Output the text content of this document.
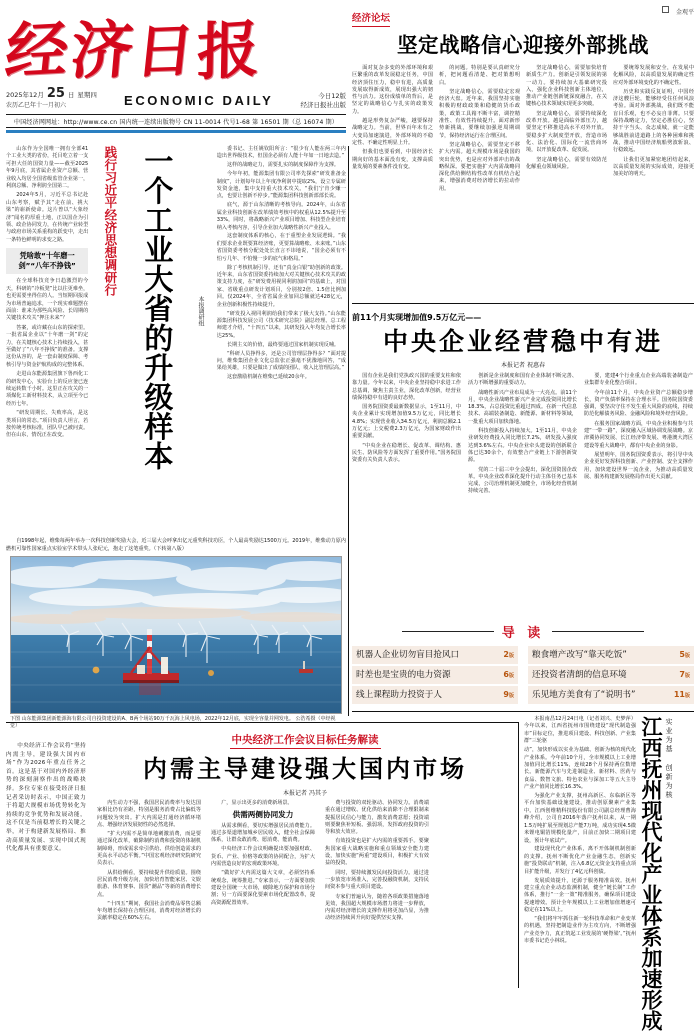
经
济
日
报
2025年12月 25 日 星期四
农历乙巳年十一月初六	ECONOMIC DAILY	今日12版
经济日报社出版
中国经济网网址：http://www.ce.cn 国内统一连续出版物号 CN 11-0014 代号1-68 第 16501 期（总 16074 期）
山东作为全国唯一拥有全部41个工业大类的省份，托目吃立着一支可担大任的国资力量——截至2025年9月底，其省属企业资产总额、营业收入均居全国省级监管企业第一，利润总额、净利润全国第二。
2024年5月，习近平总书记赴山东考察，赋予其“走在前、挑大梁”的崭新使命。这片曾以“大象经济”闻名的厚重土地，正以国企为引领、政企协同发力，在传统产业转型与政府市场关系重构的跃变中，走出一条特色鲜明的求变之路。
凭啥敢“十年磨一剑”“八年不挣钱”
在全球科技竞争日趋激烈的今天，科研的“冷板凳”比以往更难坐，也更需要坐得住的人。当短期回报成为市场普遍追求，一个现实难题摆在面前：谁来为那些高风险、长周期的关键技术攻关“押注未来”？
答案，或许藏在山东的探索里。一批省属企业以“十年磨一剑”的定力，在关键核心技术上持续投入，甚至做好了“八年不挣钱”的准备。支撑这份从容的，是一套由制度保障、考核引导与资金护航构成的完整体系。
走进山东能源集团旗下鲁西化工的研发中心，实验台上的反应釜已连续运转数千小时。这里正在攻关的一项煤化工新材料技术，从立项至今已经历七年。
“研发周期长、失败率高，是这类项目的常态。”项目负责人坦言，若按传统考核标准，团队早已被问责。但在山东，情况正在改变。
践行习近平经济思想调研行 一个工业大省的升级样本	本报调研组
委书记、主任姚钦阳所言：“很少有人能在两三年内造出世界级技术，但国企必须有人能十年如一日地去造。”
这样的战略定力，需要扎实的制度保障作为支撑。
今年年初，能源集团有限公司率先探索“研发准备金制度”，计划每年以上年度净利润中提取2%，设立专属研发资金池，集中支持重大技术攻关。“我们宁肯少赚一点，也要让创新不停步。”能源集团科技创新部部长说。
底气，源于山东清晰的考核导向。2024年，山东省属企业科技创新在改革绩效考核中的权重从12.5%提升至33%，同时，将战略新兴产业项目增加、科技型企业培育纳入考核内容，引导企业加大战略性新兴产业投入。
这套制度体系的核心，在于重塑企业发展逻辑。“我们要求企业既要算经济账，更要算战略账、未来账。”山东省国资委考核分配处处长直言不讳地说，“国企必须有不怕亏几年、不怕慢一步的底气和格局。”
除了考核机制引导，还有“真金白银”助创新的政策。近年来，山东省国资委持续加大对关键核心技术攻关的政策支持力度，在“研发费用视同利润加回”的基础上，对国家、省级重点研发计划项目，分别按2倍、1.5倍比例加回。仅2024年，全省省属企业加回总额就达428亿元，企业创新积极性持续提升。
“研发投入视同利润给我们带来了极大支持。”山东能源集团科技发展公司（技术研究总院）副总经理、总工程师建才介绍，“十四五”以来，其研发投入年均复合增长率达25%。
长期主义的价值，最终要通过国家机制实现反哺。
“科研人员挣得多，还是公司管理层挣得多？”面对提问，维柴集团企业文化总监张正强毫不犹豫地回答，“成果给英雄，只要是做出了成绩的团队，收入比管理层高。”
这套激励机制在维柴已延续20余年。
自1998年起，维柴每两年举办一次科技创新奖励大会，近三届大会呼拿出亿元重奖科技功臣，个人最高奖励达1500万元。2019年，维柴动力原内燃机可靠性国家重点实验室学术带头人张纪元，抱走了这笔重奖。（下转第八版）
下图 山东能源集团新能源海有限公司自投资建设的A、B两个场站90万千瓦海上风电场，2022年12月底，实现全容量并网发电。 公浩希摄（中经视觉）
经济论坛
金观平
坚定战略信心迎接外部挑战
面对复杂多变的外部环境和艰巨繁重的改革发展稳定任务，中国经济顶住压力，稳中有进，高质量发展取得新成效，展现出强大的韧性与活力。这份成绩单的背后，是坚定的战略信心与扎实的政策发力。
越是形势复杂严峻，越要保持战略定力。当前，世界百年未有之大变局加速演进，外部环境的不稳定性、不确定性明显上升。
但我们也要看到，中国经济长期向好的基本面没有变，支撑高质量发展的要素条件没有变。
的问题。特别是要认真研究分析，把问题看清楚、把对策想明白。
坚定战略信心，需要稳定宏观经济大盘。近年来，我国坚持实施积极的财政政策和稳健的货币政策，政策工具箱不断丰富，调控精准性、有效性持续提升。面对新形势新挑战，要继续加强逆周期调节，保持经济运行在合理区间。
坚定战略信心，需要坚定不移扩大内需。超大规模市场是我国的突出优势，也是应对外部冲击的战略纵深。要把实施扩大内需战略同深化供给侧结构性改革有机结合起来，增强消费对经济增长的拉动作用。
坚定战略信心，需要加快培育新质生产力。创新是引领发展的第一动力。要持续加大基础研究投入，强化企业科技创新主体地位，推动产业链创新链深度融合，在关键核心技术领域实现更多突破。
坚定战略信心，需要持续深化改革开放。越是面临外部压力，越要坚定不移推进高水平对外开放。要稳步扩大制度型开放，营造市场化、法治化、国际化一流营商环境，以开放促改革、促发展。
坚定战略信心，需要有效防范化解重点领域风险。
要统筹发展和安全，在发展中化解风险，以高质量发展的确定性应对外部环境变化的不确定性。
历史和实践反复证明，中国经济这艘巨轮，能够经受住任何风浪考验。面对外部挑战，我们既不能盲目乐观，也不必妄自菲薄。只要保持战略定力，坚定必胜信心，坚持干字当头、众志成城，就一定能够战胜前进道路上的各种困难和挑战，推动中国经济航船劈波斩浪、行稳致远。
让我们更加紧密地团结起来，以高质量发展的实际成效，迎接更加美好的明天。
前11个月实现增加值9.5万亿元——
中央企业经营稳中有进
本报记者 祝惠春
国有企业是我们党执政兴国的重要支柱和依靠力量。今年以来，中央企业坚持稳中求进工作总基调，聚焦主责主业，深化改革创新，经营业绩保持稳中有进的良好态势。
国务院国资委最新数据显示，1至11月，中央企业累计实现增加值9.5万亿元，同比增长4.8%；实现营业收入34.5万亿元，利润总额2.1万亿元；上交税费2.3万亿元，为国家财政作出重要贡献。
“中央企业在稳增长、促改革、调结构、惠民生、防风险等方面发挥了重要作用。”国务院国资委有关负责人表示。
创新是企业制度和国有企业体制不断完善、活力不断增强的重要动力。
战略性新兴产业布局成为一大亮点。前11个月，中央企业战略性新兴产业完成投资同比增长18.3%，占总投资比重超过四成。在新一代信息技术、高端装备制造、新能源、新材料等领域，一批重大项目加快落地。
科技创新投入持续加大。1至11月，中央企业研发经费投入同比增长7.2%，研发投入强度达到3.6%左右。中央企业牵头建设的创新联合体已达30余个，有效整合产业链上下游创新资源。
党的二十届三中全会提出，深化国资国企改革。中央企业改革深化提升行动主体任务已基本完成，公司治理机制更加健全，市场化经营机制持续完善。
要，建建4个行业重点企业高端装备制造产业集群专业化整合项目。
今年前11个月，中央企业资产总额稳步增长，资产负债率保持在合理水平。国务院国资委强调，要坚决守住不发生重大风险的底线，持续防范化解债务风险、金融风险和境外经营风险。
在服务国家战略方面，中央企业积极参与共建“一带一路”，深度融入区域协调发展战略。京津冀协同发展、长江经济带发展、粤港澳大湾区建设等重大战略中，都有中央企业的身影。
展望明年，国务院国资委表示，将引导中央企业更好发挥科技创新、产业控制、安全支撑作用，加快建设世界一流企业，为推动高质量发展、服务构建新发展格局作出更大贡献。
导 读
机器人企业切勿盲目抢风口	2版 粮食增产改写“靠天吃饭”	5版
时差也是宝贵的电力资源	6版 还投资者清朗的信息环境	7版
线上课程助力投资于人	9版 乐见地方美食有了“说明书”	11版
中央经济工作会议目标任务解读
内需主导建设强大国内市场
本报记者 冯其予
中央经济工作会议将“坚持内需主导，建设强大国内市场”作为2026年重点任务之首。这是基于对国内外经济形势的深刻洞察作出的战略抉择。多位专家在接受经济日报记者采访时表示，中国正致力于将超大规模市场优势转化为持续的竞争优势和发展动能，这不仅是当前稳增长的关键之举，对于构建新发展格局、推动高质量发展、实现中国式现代化都具有重要意义。
内生动力不强，我国居民消费率与发达国家相比仍有差距，特别是服务消费占比偏低等问题较为突出。扩大内需是打通经济循环堵点、增强经济发展韧性的必然选择。
“扩大内需不是简单地刺激消费，而是要通过深化改革，破除制约消费和投资的体制机制障碍，形成需求牵引供给、供给创造需求的更高水平动态平衡。”中国宏观经济研究院研究员表示。
从供给侧看，要持续提升供给质量。围绕居民消费升级方向，加快培育智能家居、文娱旅游、体育赛事、国货“潮品”等新的消费增长点。
“十四五”期间，我国社会消费品零售总额年均增长保持在合理区间，消费对经济增长的贡献率稳定在60%左右。
广，显示出更多的消费新场景。
供需两侧协同发力
从需求侧看，要切实增强居民消费能力。通过多渠道增加城乡居民收入，健全社会保障体系，让群众敢消费、愿消费、能消费。
中央经济工作会议明确提出要加强财政、货币、产业、价格等政策的协同配合，为扩大内需营造良好的宏观政策环境。
“做好扩大内需这篇大文章，必须坚持系统观念，统筹推进。”专家表示，一方面要加快建设全国统一大市场，破除地方保护和市场分割；另一方面要深化要素市场化配置改革，提高资源配置效率。
费与投资的双轮驱动、协同发力。消费端重在通过增收、优化供给来消除不合理限制来提振居民信心与能力，激发消费意愿；投资端则要聚焦补短板、强弱项，发挥政府投资的引导和放大效应。
有效投资也是扩大内需的重要抓手。要聚焦国家重大战略实施和重点领域安全能力建设，加快实施“两重”建设项目，积极扩大有效益的投资。
同时，要持续激发民间投资活力。通过进一步放宽市场准入，完善投融资机制，支持民间资本参与重大项目建设。
专家们普遍认为，随着各项政策措施落地见效，我国超大规模市场潜力将进一步释放，内需对经济增长的支撑作用将更加凸显，为推动经济持续回升向好提供坚实支撑。
本报南昌12月24日电（记者刘兴、史梦萍）今年以来，江西省抚州市围绕建设“现代制造强市”目标定位，推进项目建设、科技创新、产业集群“三轮驱
动”，加快形成以实业为基础、创新为核的现代化产业体系。今年前10个月，全市规模以上工业增加值同比增长11%，连续28个月保持两位数增长。新能源汽车与先进制造业、新材料、医药与食品、数智文旅、特色农业与深加工等五大主导产业产值同比增长16.3%。
为强化产业支撑，抚州高新区、东临新区等平台加快基础设施建设，推动创原聚素产业集中。江西创维精科技股份有限公司副总经理曹海峰介绍，公司自2016年落户抚州以来，从一期1.5万吨扩展至规划总产能7万吨，成功实现4.5微米锂电铜箔规模化量产，目前正加快二期项目建设，预计年底试产。
建设现代化产业体系，离不开体制机制创新的支撑。抚州不断优化产业金融生态，创新实施“投贷联动”机制，注入6.8亿元资金支持重点项目扩能升级，并发行了4亿元科创债。
发展质效提升，还源于服务精准高效。抚州建立重点企业动态监测机制，健全“链长制”工作体系，推行“一企一策”精准服务，确保项目建设提速增效。预计全年规模以上工业增加值增速可稳定在11%以上。
“我们将牢牢抓住新一轮科技革命和产业变革的机遇，坚持把制造业作为主攻方向，不断增强产业竞争力，真正筑起工业发展的‘硬脊梁’。”抚州市委书记范小林说。	江西抚州现代化产业体系加速形成 实业为基 创新为核
